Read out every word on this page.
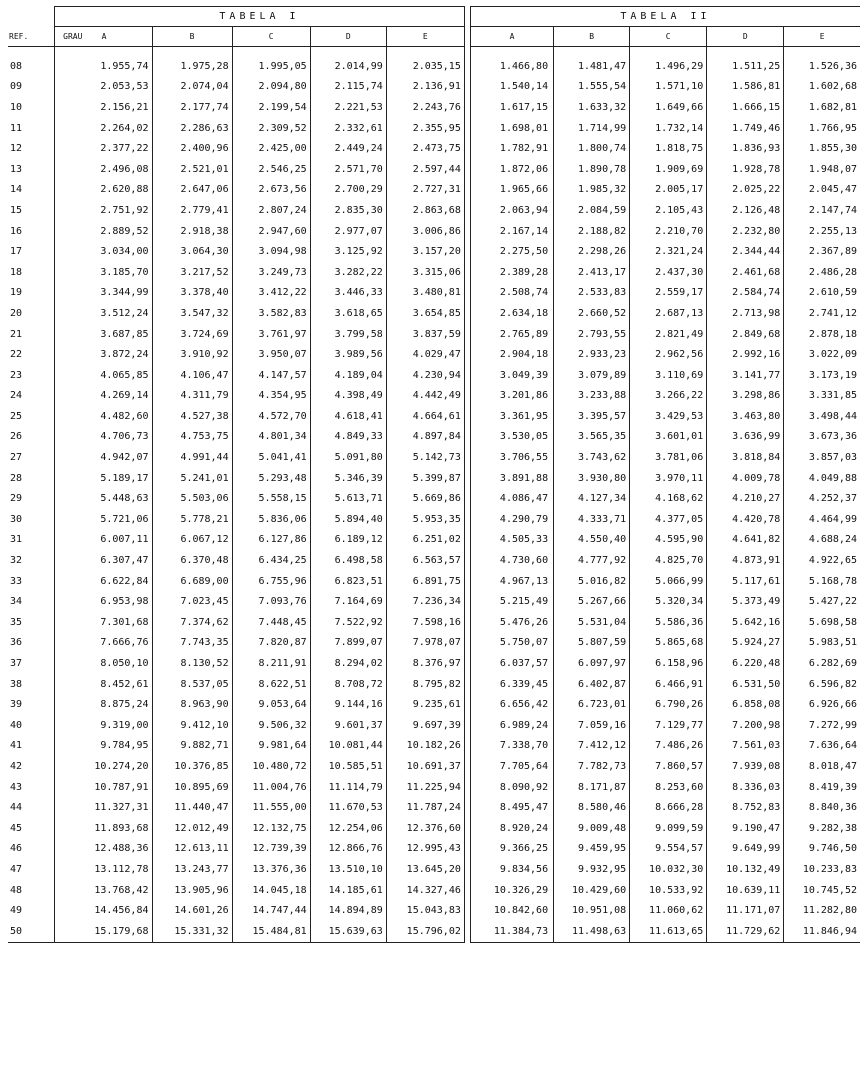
	TABELA I						TABELA II				
REF.	GRAU A	B	C	D	E		A	B	C	D	E

08	1.955,74	1.975,28	1.995,05	2.014,99	2.035,15		1.466,80	1.481,47	1.496,29	1.511,25	1.526,36
09	2.053,53	2.074,04	2.094,80	2.115,74	2.136,91		1.540,14	1.555,54	1.571,10	1.586,81	1.602,68
10	2.156,21	2.177,74	2.199,54	2.221,53	2.243,76		1.617,15	1.633,32	1.649,66	1.666,15	1.682,81
11	2.264,02	2.286,63	2.309,52	2.332,61	2.355,95		1.698,01	1.714,99	1.732,14	1.749,46	1.766,95
12	2.377,22	2.400,96	2.425,00	2.449,24	2.473,75		1.782,91	1.800,74	1.818,75	1.836,93	1.855,30
13	2.496,08	2.521,01	2.546,25	2.571,70	2.597,44		1.872,06	1.890,78	1.909,69	1.928,78	1.948,07
14	2.620,88	2.647,06	2.673,56	2.700,29	2.727,31		1.965,66	1.985,32	2.005,17	2.025,22	2.045,47
15	2.751,92	2.779,41	2.807,24	2.835,30	2.863,68		2.063,94	2.084,59	2.105,43	2.126,48	2.147,74
16	2.889,52	2.918,38	2.947,60	2.977,07	3.006,86		2.167,14	2.188,82	2.210,70	2.232,80	2.255,13
17	3.034,00	3.064,30	3.094,98	3.125,92	3.157,20		2.275,50	2.298,26	2.321,24	2.344,44	2.367,89
18	3.185,70	3.217,52	3.249,73	3.282,22	3.315,06		2.389,28	2.413,17	2.437,30	2.461,68	2.486,28
19	3.344,99	3.378,40	3.412,22	3.446,33	3.480,81		2.508,74	2.533,83	2.559,17	2.584,74	2.610,59
20	3.512,24	3.547,32	3.582,83	3.618,65	3.654,85		2.634,18	2.660,52	2.687,13	2.713,98	2.741,12
21	3.687,85	3.724,69	3.761,97	3.799,58	3.837,59		2.765,89	2.793,55	2.821,49	2.849,68	2.878,18
22	3.872,24	3.910,92	3.950,07	3.989,56	4.029,47		2.904,18	2.933,23	2.962,56	2.992,16	3.022,09
23	4.065,85	4.106,47	4.147,57	4.189,04	4.230,94		3.049,39	3.079,89	3.110,69	3.141,77	3.173,19
24	4.269,14	4.311,79	4.354,95	4.398,49	4.442,49		3.201,86	3.233,88	3.266,22	3.298,86	3.331,85
25	4.482,60	4.527,38	4.572,70	4.618,41	4.664,61		3.361,95	3.395,57	3.429,53	3.463,80	3.498,44
26	4.706,73	4.753,75	4.801,34	4.849,33	4.897,84		3.530,05	3.565,35	3.601,01	3.636,99	3.673,36
27	4.942,07	4.991,44	5.041,41	5.091,80	5.142,73		3.706,55	3.743,62	3.781,06	3.818,84	3.857,03
28	5.189,17	5.241,01	5.293,48	5.346,39	5.399,87		3.891,88	3.930,80	3.970,11	4.009,78	4.049,88
29	5.448,63	5.503,06	5.558,15	5.613,71	5.669,86		4.086,47	4.127,34	4.168,62	4.210,27	4.252,37
30	5.721,06	5.778,21	5.836,06	5.894,40	5.953,35		4.290,79	4.333,71	4.377,05	4.420,78	4.464,99
31	6.007,11	6.067,12	6.127,86	6.189,12	6.251,02		4.505,33	4.550,40	4.595,90	4.641,82	4.688,24
32	6.307,47	6.370,48	6.434,25	6.498,58	6.563,57		4.730,60	4.777,92	4.825,70	4.873,91	4.922,65
33	6.622,84	6.689,00	6.755,96	6.823,51	6.891,75		4.967,13	5.016,82	5.066,99	5.117,61	5.168,78
34	6.953,98	7.023,45	7.093,76	7.164,69	7.236,34		5.215,49	5.267,66	5.320,34	5.373,49	5.427,22
35	7.301,68	7.374,62	7.448,45	7.522,92	7.598,16		5.476,26	5.531,04	5.586,36	5.642,16	5.698,58
36	7.666,76	7.743,35	7.820,87	7.899,07	7.978,07		5.750,07	5.807,59	5.865,68	5.924,27	5.983,51
37	8.050,10	8.130,52	8.211,91	8.294,02	8.376,97		6.037,57	6.097,97	6.158,96	6.220,48	6.282,69
38	8.452,61	8.537,05	8.622,51	8.708,72	8.795,82		6.339,45	6.402,87	6.466,91	6.531,50	6.596,82
39	8.875,24	8.963,90	9.053,64	9.144,16	9.235,61		6.656,42	6.723,01	6.790,26	6.858,08	6.926,66
40	9.319,00	9.412,10	9.506,32	9.601,37	9.697,39		6.989,24	7.059,16	7.129,77	7.200,98	7.272,99
41	9.784,95	9.882,71	9.981,64	10.081,44	10.182,26		7.338,70	7.412,12	7.486,26	7.561,03	7.636,64
42	10.274,20	10.376,85	10.480,72	10.585,51	10.691,37		7.705,64	7.782,73	7.860,57	7.939,08	8.018,47
43	10.787,91	10.895,69	11.004,76	11.114,79	11.225,94		8.090,92	8.171,87	8.253,60	8.336,03	8.419,39
44	11.327,31	11.440,47	11.555,00	11.670,53	11.787,24		8.495,47	8.580,46	8.666,28	8.752,83	8.840,36
45	11.893,68	12.012,49	12.132,75	12.254,06	12.376,60		8.920,24	9.009,48	9.099,59	9.190,47	9.282,38
46	12.488,36	12.613,11	12.739,39	12.866,76	12.995,43		9.366,25	9.459,95	9.554,57	9.649,99	9.746,50
47	13.112,78	13.243,77	13.376,36	13.510,10	13.645,20		9.834,56	9.932,95	10.032,30	10.132,49	10.233,83
48	13.768,42	13.905,96	14.045,18	14.185,61	14.327,46		10.326,29	10.429,60	10.533,92	10.639,11	10.745,52
49	14.456,84	14.601,26	14.747,44	14.894,89	15.043,83		10.842,60	10.951,08	11.060,62	11.171,07	11.282,80
50	15.179,68	15.331,32	15.484,81	15.639,63	15.796,02		11.384,73	11.498,63	11.613,65	11.729,62	11.846,94
